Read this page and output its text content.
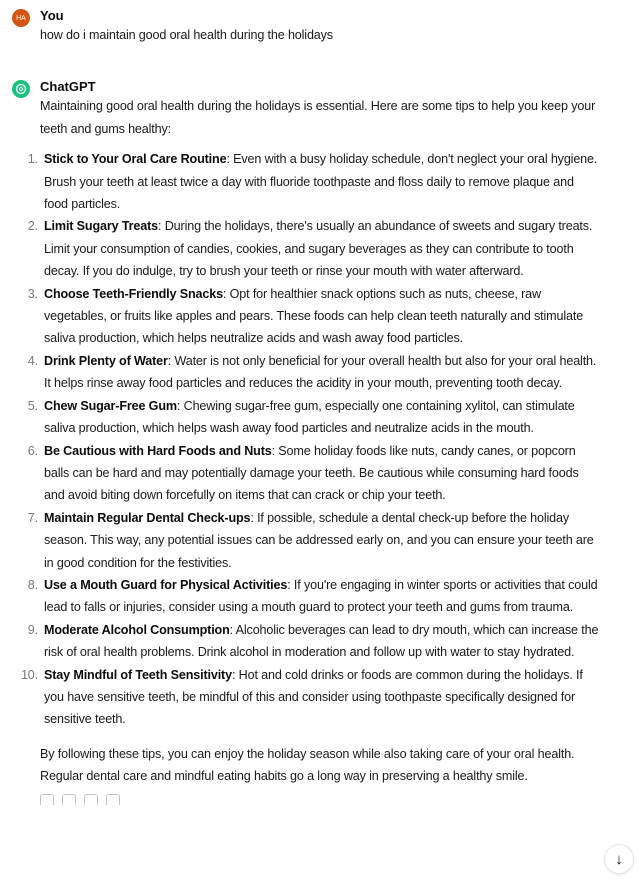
HA	You
how do i maintain good oral health during the holidays
ChatGPT
Maintaining good oral health during the holidays is essential. Here are some tips to help you keep your teeth and gums healthy:
1. Stick to Your Oral Care Routine: Even with a busy holiday schedule, don't neglect your oral hygiene. Brush your teeth at least twice a day with fluoride toothpaste and floss daily to remove plaque and food particles.
2. Limit Sugary Treats: During the holidays, there's usually an abundance of sweets and sugary treats. Limit your consumption of candies, cookies, and sugary beverages as they can contribute to tooth decay. If you do indulge, try to brush your teeth or rinse your mouth with water afterward.
3. Choose Teeth-Friendly Snacks: Opt for healthier snack options such as nuts, cheese, raw vegetables, or fruits like apples and pears. These foods can help clean teeth naturally and stimulate saliva production, which helps neutralize acids and wash away food particles.
4. Drink Plenty of Water: Water is not only beneficial for your overall health but also for your oral health. It helps rinse away food particles and reduces the acidity in your mouth, preventing tooth decay.
5. Chew Sugar-Free Gum: Chewing sugar-free gum, especially one containing xylitol, can stimulate saliva production, which helps wash away food particles and neutralize acids in the mouth.
6. Be Cautious with Hard Foods and Nuts: Some holiday foods like nuts, candy canes, or popcorn balls can be hard and may potentially damage your teeth. Be cautious while consuming hard foods and avoid biting down forcefully on items that can crack or chip your teeth.
7. Maintain Regular Dental Check-ups: If possible, schedule a dental check-up before the holiday season. This way, any potential issues can be addressed early on, and you can ensure your teeth are in good condition for the festivities.
8. Use a Mouth Guard for Physical Activities: If you're engaging in winter sports or activities that could lead to falls or injuries, consider using a mouth guard to protect your teeth and gums from trauma.
9. Moderate Alcohol Consumption: Alcoholic beverages can lead to dry mouth, which can increase the risk of oral health problems. Drink alcohol in moderation and follow up with water to stay hydrated.
10. Stay Mindful of Teeth Sensitivity: Hot and cold drinks or foods are common during the holidays. If you have sensitive teeth, be mindful of this and consider using toothpaste specifically designed for sensitive teeth.
By following these tips, you can enjoy the holiday season while also taking care of your oral health. Regular dental care and mindful eating habits go a long way in preserving a healthy smile.
↓
